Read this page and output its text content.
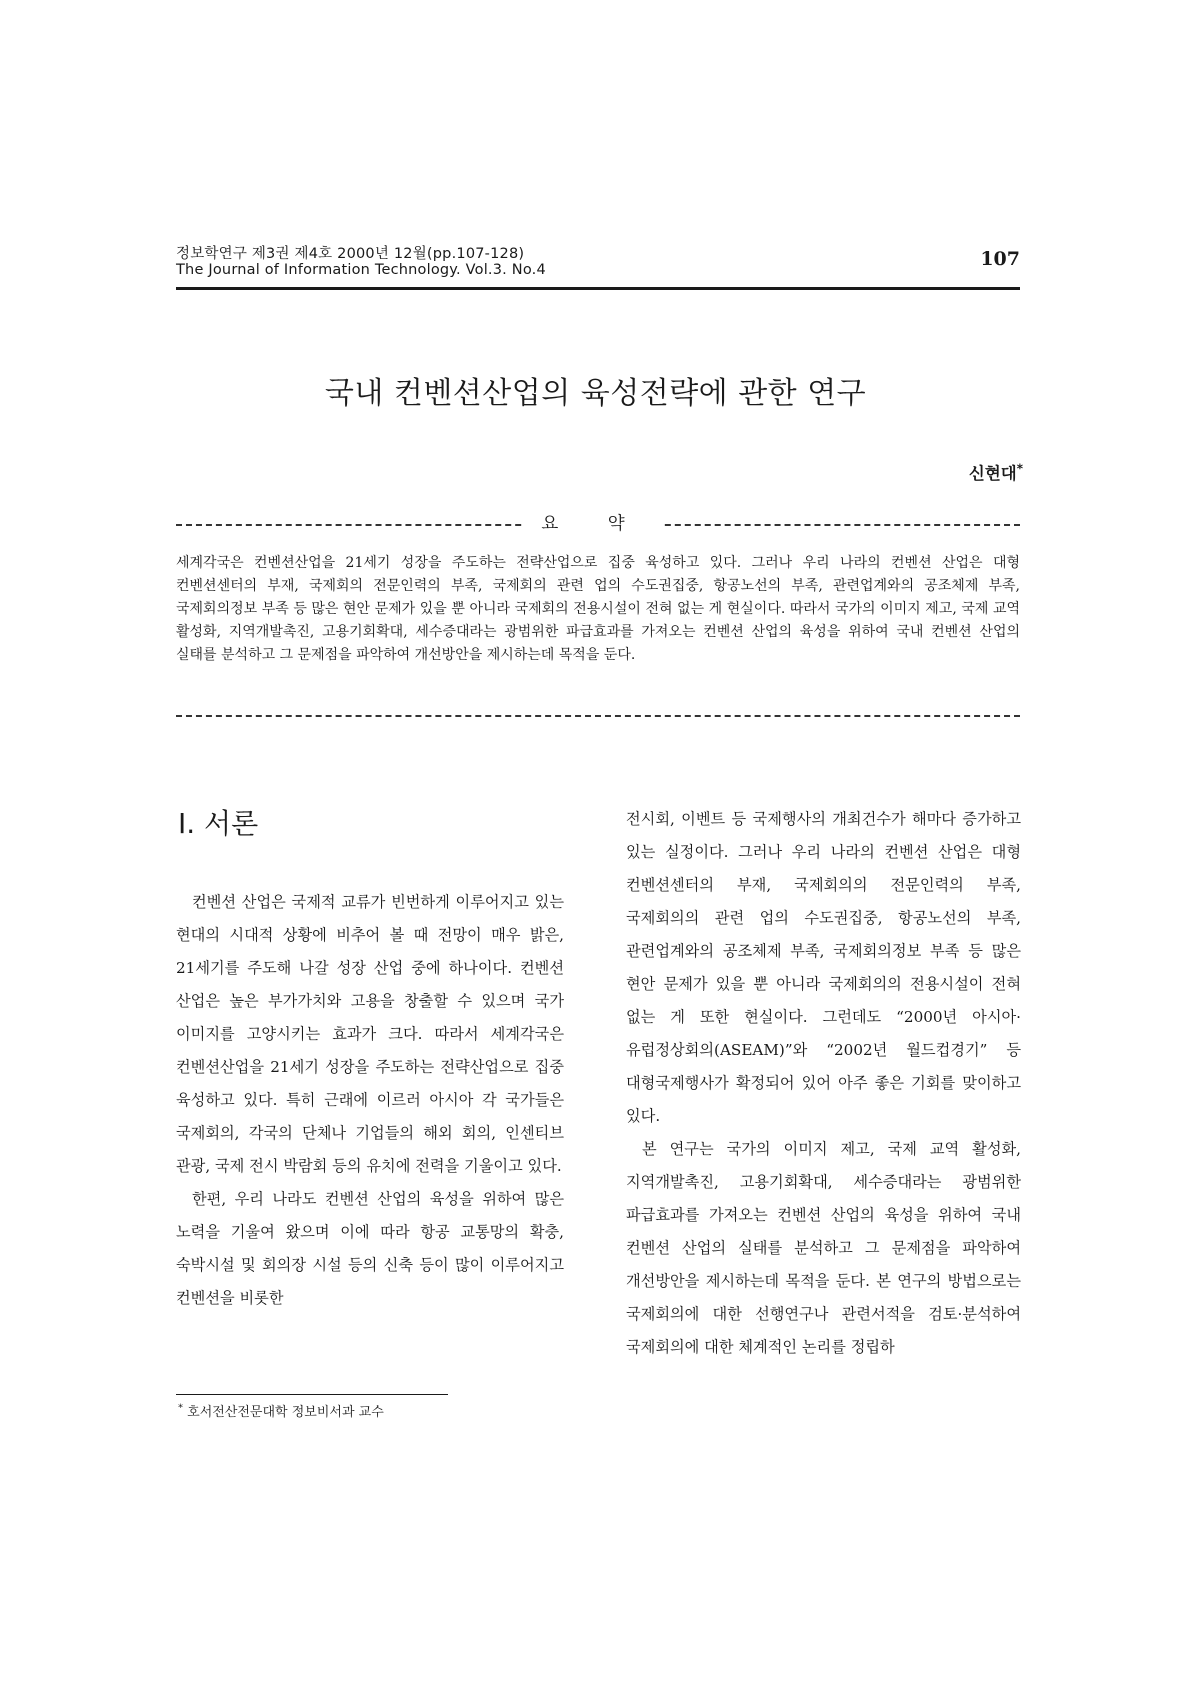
정보학연구 제3권 제4호 2000년 12월(pp.107-128)
The Journal of Information Technology. Vol.3. No.4	107
국내 컨벤션산업의 육성전략에 관한 연구
신현대*
요 약
세계각국은 컨벤션산업을 21세기 성장을 주도하는 전략산업으로 집중 육성하고 있다. 그러나 우리 나라의 컨벤션 산업은 대형 컨벤션센터의 부재, 국제회의 전문인력의 부족, 국제회의 관련 업의 수도권집중, 항공노선의 부족, 관련업계와의 공조체제 부족, 국제회의정보 부족 등 많은 현안 문제가 있을 뿐 아니라 국제회의 전용시설이 전혀 없는 게 현실이다. 따라서 국가의 이미지 제고, 국제 교역 활성화, 지역개발촉진, 고용기회확대, 세수증대라는 광범위한 파급효과를 가져오는 컨벤션 산업의 육성을 위하여 국내 컨벤션 산업의 실태를 분석하고 그 문제점을 파악하여 개선방안을 제시하는데 목적을 둔다.
Ⅰ. 서론

컨벤션 산업은 국제적 교류가 빈번하게 이루어지고 있는 현대의 시대적 상황에 비추어 볼 때 전망이 매우 밝은, 21세기를 주도해 나갈 성장 산업 중에 하나이다. 컨벤션 산업은 높은 부가가치와 고용을 창출할 수 있으며 국가 이미지를 고양시키는 효과가 크다. 따라서 세계각국은 컨벤션산업을 21세기 성장을 주도하는 전략산업으로 집중 육성하고 있다. 특히 근래에 이르러 아시아 각 국가들은 국제회의, 각국의 단체나 기업들의 해외 회의, 인센티브 관광, 국제 전시 박람회 등의 유치에 전력을 기울이고 있다.

한편, 우리 나라도 컨벤션 산업의 육성을 위하여 많은 노력을 기울여 왔으며 이에 따라 항공 교통망의 확충, 숙박시설 및 회의장 시설 등의 신축 등이 많이 이루어지고 컨벤션을 비롯한

전시회, 이벤트 등 국제행사의 개최건수가 해마다 증가하고 있는 실정이다. 그러나 우리 나라의 컨벤션 산업은 대형 컨벤션센터의 부재, 국제회의의 전문인력의 부족, 국제회의의 관련 업의 수도권집중, 항공노선의 부족, 관련업계와의 공조체제 부족, 국제회의정보 부족 등 많은 현안 문제가 있을 뿐 아니라 국제회의의 전용시설이 전혀 없는 게 또한 현실이다. 그런데도 “2000년 아시아·유럽정상회의(ASEAM)”와 “2002년 월드컵경기” 등 대형국제행사가 확정되어 있어 아주 좋은 기회를 맞이하고 있다.

본 연구는 국가의 이미지 제고, 국제 교역 활성화, 지역개발촉진, 고용기회확대, 세수증대라는 광범위한 파급효과를 가져오는 컨벤션 산업의 육성을 위하여 국내 컨벤션 산업의 실태를 분석하고 그 문제점을 파악하여 개선방안을 제시하는데 목적을 둔다. 본 연구의 방법으로는 국제회의에 대한 선행연구나 관련서적을 검토·분석하여 국제회의에 대한 체계적인 논리를 정립하

* 호서전산전문대학 정보비서과 교수
